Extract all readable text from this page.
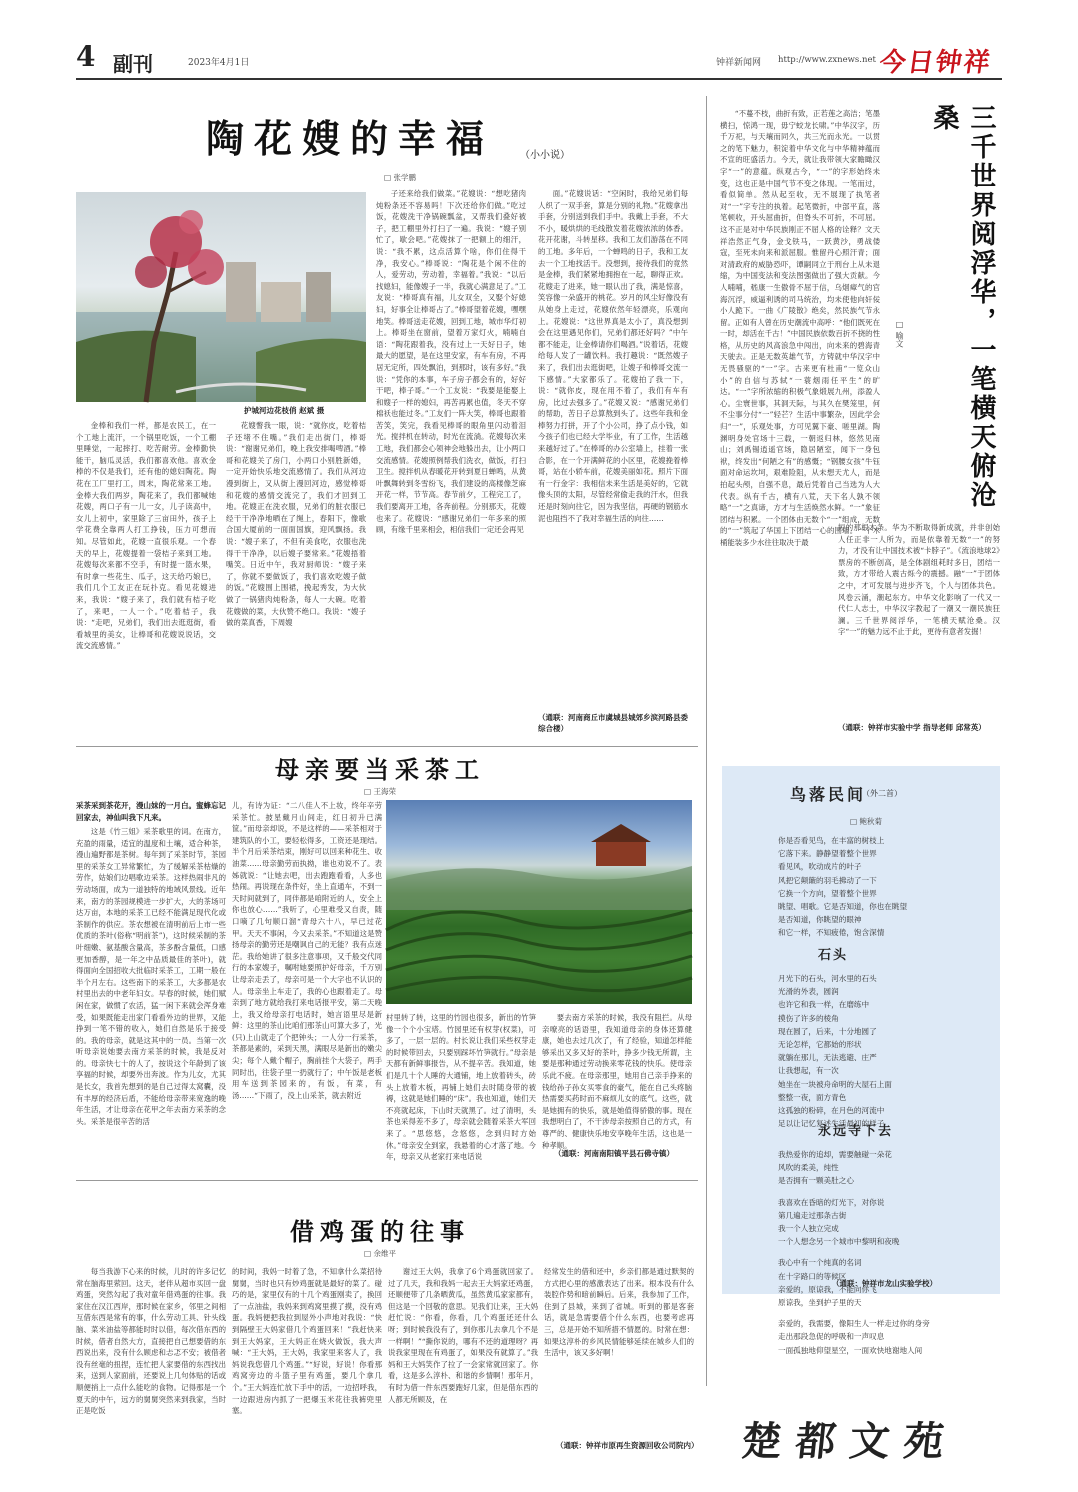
4 副刊	2023年4月1日	钟祥新闻网 http://www.zxnews.net 今日钟祥
陶花嫂的幸福	（小小说）
□ 张学鹏
护城河边花枝俏 赵斌 摄
金棒和我们一样，都是农民工，在一个工地上流汗，一个锅里吃饭，一个工棚里睡觉，一起摔打、吃苦耐劳。金棒勤快能干，脑瓜灵活，我们都喜欢他。喜欢金棒的不仅是我们，还有他的媳妇陶花。陶花在工厂里打工，周末，陶花常来工地。金棒大我们两岁，陶花来了，我们都喊她花嫂，两口子有一儿一女，儿子读高中，女儿上初中，家里除了三亩田外，孩子上学花费全靠两人打工挣钱，压力可想而知。尽管如此，花嫂一直很乐观。一个春天的早上，花嫂提着一袋桔子来到工地。花嫂每次来都不空手，有时提一篮水果，有时拿一些花生、瓜子，这天给巧娘巳，我们几个工友正在玩扑克。看见花嫂进来，我说：“嫂子来了，我们就有桔子吃了，来吧，一人一个。”吃着桔子，我说：“走吧，兄弟们，我们出去逛逛街，看看城里的美女，让棒哥和花嫂说说话，交流交流感情。”
花嫂瞥我一眼，说：“就你皮，吃着桔子还堵不住嘴。”我们走出街门，棒哥说：“谢谢兄弟们，晚上我安排喝啤酒。”棒哥和花嫂关了房门，小两口小别胜新婚，一定开始快乐地交流感情了。我们从河边漫到街上，又从街上漫回河边，感觉棒哥和花嫂的感情交流完了，我们才回到工地。花嫂正在洗衣服，兄弟们的脏衣服已经干干净净地晒在了绳上，春阳下，像歌合国大厦前的一面面国旗，迎风飘扬。我说：“嫂子来了，不但有美食吃，衣服也洗得干干净净，以后嫂子要常来。”花嫂捂着嘴笑。日近中午，我对厨师说：“嫂子来了，你就不要做饭了，我们喜欢吃嫂子做的饭。”花嫂围上围裙，挽起秀发，为大伙做了一锅猪肉炖粉条，每人一大碗。吃着花嫂做的菜，大伙赞不绝口。我说：“嫂子做的菜真香，下周嫂
子还来给我们做菜。”花嫂说：“想吃猪肉炖粉条还不容易吗！下次还给你们做。”吃过饭，花嫂洗干净锅碗瓢盆，又帮我们叠好被子，把工棚里外打扫了一遍。我说：“嫂子别忙了，歇会吧。”花嫂抹了一把额上的细汗，说：“我不累，这点活算个啥，你们住得干净，我安心。”棒哥说：“陶花是个闲不住的人，爱劳动，劳动着，幸福着。”我说：“以后找媳妇，能像嫂子一半，我就心满意足了。”工友说：“棒哥真有福，儿女双全，又娶个好媳妇，好事全让棒哥占了。”棒哥望着花嫂，嘿嘿地笑。棒哥送走花嫂，回到工地，城市华灯初上。棒哥坐在窗前，望着万家灯火，喃喃自语：“陶花跟着我，没有过上一天好日子，她最大的愿望，是在这里安家，有车有房，不再居无定所，四处飘泊，到那时，该有多好。”我说：“凭你的本事，车子房子都会有的，好好干吧，棒子哥。”一个工友说：“我要是能娶上和嫂子一样的媳妇，再苦再累也值，冬天不穿棉袄也能过冬。”工友们一阵大笑，棒哥也跟着苦笑，笑完，我看见棒哥的眼角里闪动着泪光。搅拌机在转动，时光在流淌。花嫂每次来工地，我们都会心领神会地躲出去，让小两口交流感情。花嫂照例帮我们洗衣，做饭，打扫卫生。搅拌机从春暖花开转到夏日蝉鸣，从黄叶飘舞转到冬雪纷飞，我们建设的高楼像芝麻开花一样，节节高。春节前夕，工程完工了，我们要离开工地，各奔前程。分别那天，花嫂也来了。花嫂说：“感谢兄弟们一年多来的照顾，有缘千里来相会，相信我们一定还会再见
面。”花嫂说话：“空闲时，我给兄弟们每人织了一双手套，算是分别的礼物。”花嫂拿出手套，分别送到我们手中。我戴上手套，不大不小，暖烘烘的毛线散发着花嫂浓浓的体香。花开花谢，斗转星移。我和工友们游荡在不同的工地。多年后，一个蝉鸣的日子，我和工友去一个工地找活干。没想到，接待我们的竟然是金棒，我们紧紧地拥抱在一起，聊得正欢。花嫂走了进来，她一眼认出了我，满是惊喜，笑容像一朵盛开的桃花。岁月的风尘好像没有从她身上走过，花嫂依然年轻漂亮，乐观向上。花嫂说：“这世界真是太小了，真没想到会在这里遇见你们，兄弟们都还好吗？”中午都不能走，让金棒请你们喝酒。”说着话，花嫂给每人发了一罐饮料。我打趣说：“既然嫂子来了，我们出去逛街吧，让嫂子和棒哥交流一下感情。”大家都乐了。花嫂拍了我一下，说：“就你皮，现在用不着了，我们有车有房，比过去强多了。”花嫂又说：“感谢兄弟们的帮助，苦日子总算熬到头了。这些年我和金棒努力打拼，开了个小公司，挣了点小钱，如今孩子们也已经大学毕业，有了工作，生活越来越好过了。”在棒哥的办公室墙上，挂着一张合影，在一个开满鲜花的小区里，花嫂挽着棒哥，站在小轿车前，花嫂美丽如花。照片下面有一行金字：我相信未来生活是美好的，它就像头顶的太阳，尽管经常偷走我的汗水，但我还是时刻向往它，因为我坚信，再硬的钢筋水泥也阻挡不了我对幸福生活的向往……
（通联：河南商丘市虞城县城郊乡滨河路县委综合楼）
三千世界阅浮华，一笔横天俯沧桑
□ 喻文
“不蔓不枝，曲折有致，正若莲之高洁；笔墨横扫，惊鸿一现，毋宁蛟龙长啸。”中华汉字，历千万祀，与天壤而同久，共三光而永光。一以贯之的笔下魅力，积淀着中华文化与中华精神蕴而不宣的旺盛活力。今天，就让我带领大家瞻瞰汉字“一”的意蕴。纵观古今，“一”的字形始终未变，这也正是中国气节不变之体现。一笔而过，看似简单。然从起至收，无不展现了执笔者对“一”字专注的执着。起笔微折，中部平直，落笔顿收，开头屈曲折，但脊头不可折，不可屈。这不正是对中华民族刚正不屈人格的诠释？文天祥浩然正气身，金戈铁马，一跃黄沙，勇战偻寇，至死未向来和派屈服。惟留丹心照汗青；面对清政府的威胁恐吓，谭嗣同立于刑台上从未退缩，为中国变法和变法图强做出了强大贡献。今人哺哺，嵇康一生傲骨不屈于信，乌烟瘴气的官海沉浮，威逼利诱的司马统治，均未使他向奸佞小人跪下。一曲《广陵散》绝矣，然民族气节永留。正如有人曾在历史潮流中高呼：“他们既死在一时，却活在千古！”中国民族依数百折不挠的性格，从历史的风高浪急中闯出，向未来的碧海青天驶去。正是无数英雄气节，方铸就中华汉字中无畏骚驱的“一”字。古来更有杜甫“一览众山小”的自信与苏轼“一蓑烟雨任平生”的旷达。“一”字所浓缩的积极气象煅展九州，添盈人心。尘寰世事，其洞天际，与其久在樊笼里，何不尘事分付“一”轻芒？生活中事繁杂，因此学会归“一”，乐观处事，方可见翼下豪、嗟里湖。陶渊明身处官场十三载，一朝返归林，悠然见南山；刘禹锡逍遥官场，隐居陋室，闻下一身包袱，终发出“何陋之有”的感慨；“钢腰女孩”牛钰面对命运坎坷，艰难险阻，从未想天尤人，而是拍起头颅，自强不息，最后凭着自己当选为人大代表。纵有千古，横有八荒，天下名人孰不领略“一”之真谛，方才与生活焕然水鲜。“一”象征团结与积累。一个团体由无数个“一”组成，无数的“一”筑起了华国上下团结一心的围墙。一个木桶能装多少水往往取决于最
短的那根木条。华为不断取得新成就，并非创始人任正非一人所为，而是依靠着无数“一”的努力，才没有让中国技术被“卡脖子”。《流浪地球2》票房的不断创高，是全体剧组耗时多日，团结一致，方才带给人震古烁今的震撼。融“一”于团体之中，才可发展与进步齐飞，个人与团体共色。风卷云涌，潮起东方。中华文化影响了一代又一代仁人志士，中华汉字教起了一潮又一潮民族狂澜。三千世界阅浮华，一笔横天赋沧桑。汉字“一”的魅力远不止于此，更待有意者发掘！
（通联：钟祥市实验中学 指导老师 邱常英）
母亲要当采茶工
□ 王海荣
采茶采到茶花开，漫山妹的一月白。蜜蜂忘记回家去，神仙叫我下凡来。
这是《竹三姐》采茶歌里的词。在南方，充盈的雨量，适宜的温度和土壤，适合种茶，漫山遍野都是茶树。每年到了采茶时节，茶园里的采茶女工异常繁忙，为了缓解采茶枯燥的劳作，姑娘们边唱歌边采茶。这样热闹非凡的劳动场面，成为一道独特的地域风景线。近年来，南方的茶园规模进一步扩大，大的茶场可达万亩，本地的采茶工已经不能满足现代化或茶制作的供应。茶农想被在清明前后上市一些优质的茶叶(俗称“明前茶”)，这时候采制的茶叶细嫩、氨基酸含量高，茶多酚含量低，口感更加香醇，是一年之中品质最佳的茶叶)，就得面向全国招收大批临时采茶工，工期一般在半个月左右。这些南下的采茶工，大多都是农村里出去的中老年妇女。早春的时候，她们赋闲在家，做惯了农活，猛一闲下来就会浑身难受，如果既能走出家门看看外边的世界，又能挣到一笔不错的收入，她们自然是乐于接受的。我的母亲，就是这其中的一员。当第一次听母亲说她要去南方采茶的时候，我是反对的。母亲快七十的人了，按说这个年龄到了该享福的时候，却要外出奔波。作为儿女，尤其是长女，我首先想到的是自己过得太窝囊，没有丰厚的经济后盾，不能给母亲带来宽逸的晚年生活，才让母亲在花甲之年去南方采茶的念头。采茶是很辛苦的活
儿，有诗为证：“二八佳人不上妆，终年辛劳采茶忙。披星戴月山间走，红日初升已满筐。”而母亲却说，不是这样的——采茶相对于建筑队的小工，要轻松得多，工资还是现结。半个月后采茶结束，刚好可以回来种花生、收油菜……母亲勤劳而执拗，谁也劝说不了。表姊就说：“让她去吧，出去跑跑看看，人多也热闹。再说现在条件好，坐上直通车，不到一天时间就到了，同伴都是咱附近的人，安全上你也放心……”我听了，心里难受又自责，随口嘀了几句顺口溜“青母六十八，早已过花甲。天天不事闲，今又去采茶。”不知道这是赞扬母亲的勤劳还是嘲讽自己的无能？我有点迷茫。我给她讲了很多注意事项，又千般交代同行的本家嫂子，嘱咐她要照护好母亲，千万别让母亲走丢了，母亲可是一个大字也不认识的人。母亲坐上车走了，我的心也跟着走了。母亲到了地方就给我打来电话报平安，第二天晚上，我又给母亲打电话时，她言语里尽是新鲜：这里的茶山比咱们那茶山可算大多了，光(只)上山就走了个把钟头；一人分一行采茶，茶都是素的，采到天黑，满眼尽是新出的嫩尖尖；每个人戴个帽子，胸前挂个大袋子，两手同时出，往袋子里一扔就行了；中午饭是老板用车送到茶园来的，有饭，有菜，有汤……“下雨了，没上山采茶，就去附近
村里转了转，这里的竹园也很多，新出的竹笋像一个个小宝塔。竹园里还有权芽(权菜)，可多了，一层一层的。村长说让我们采些权芽走的时候带回去，只要别踩坏竹笋就行。”母亲是天都有新鲜事报告，从不提辛苦。我知道，她们是几十个人睡的大通铺，地上放着砖头，砖头上放着木板，再铺上她们去时随身带的被褥，这就是她们睡的“床”。我也知道，她们天不亮就起床，下山时天就黑了。过了清明，头茶也采得差不多了，母亲就会随着采茶大军回来了。“思悠悠，念悠悠，念到归时方始休。”母亲安全到家，我悬着的心才落了地。今年，母亲又从老家打来电话说
要去南方采茶的时候，我没有阻拦。从母亲嘹亮的话语里，我知道母亲的身体还算健康，她也去过几次了，有了经验，知道怎样能够采出又多又好的茶叶，挣多少钱无所谓，主要是那种通过劳动换来零花钱的快乐。使母亲乐此不疲。在母亲那里，她用自己亲手挣来的钱给孙子孙女买零食的豪气，能在自己头疼脑热需要买药时而不麻烦儿女的底气。这些，就是她拥有的快乐，就是她值得骄傲的事。现在我想明白了，不干涉母亲按照自己的方式，有尊严的、健康快乐地安享晚年生活，这也是一种孝顺。
（通联：河南南阳镇平县石佛寺镇）
借鸡蛋的往事
□ 余维平
每当我游下心来的时候，儿时的许多记忆常在脑海里萦回。这天，老伴从超市买回一盘鸡蛋，突然勾起了我对童年借鸡蛋的往事。我家住在汉江西岸，那时候在家乡，邻里之间相互借东西是常有的事，什么劳动工具、针头线脑、菜米油盐等都能时时以借，每次借东西的时候，借者自然大方，直接把自己想要借的东西说出来，没有什么顾虑和忐忑不安；被借者没有丝毫的扭捏，连忙把人家要借的东西找出来，送到人家面前，还要说上几句体贴的话或顺便捎上一点什么能吃的食物。记得那是一个夏天的中午，远方的舅舅突然来到我家，当时正是吃饭
的时间，我妈一时着了急，不知拿什么菜招待舅舅，当时也只有炒鸡蛋就是最好的菜了。碰巧的是，家里仅有的十几个鸡蛋刚卖了，换回了一点油盐，我妈来到鸡窝里摸了摸，没有鸡蛋。我妈便把我拉到屋外小声地对我说：“快到隔壁王大妈家借几个鸡蛋回来！”我赶快来到王大妈家，王大妈正在烧火做饭，我大声喊：“王大妈，王大妈，我家里来客人了，我妈说我您借几个鸡蛋。”“好说，好说！你看那鸡窝旁边的斗篮子里有鸡蛋，要几个拿几个。”王大妈连忙放下手中的活，一边招呼我，一边跟进房内抓了一把爆玉米花往我裤兜里塞。
谢过王大妈，我拿了6个鸡蛋就回家了。过了几天，我和我妈一起去王大妈家还鸡蛋，还顺便带了几条晒黄瓜，虽然黄瓜家家都有，但这是一个回敬的意思。见我们让来，王大妈赶忙说：“你看，你看，几个鸡蛋还还什么呀；到时候我没有了，到你那儿去拿几个不是一样啊！”“撕你说的，哪有不还的道理呀？再说我家里现在有鸡蛋了，如果没有就算了。”我妈和王大妈笑作了拉了一会家常就回家了。你看，这是多么淳朴、和谐的乡情啊！那年月，有时为借一件东西要跑好几家，但是借东西的人都无所顾及，在
经常发生的借和还中，乡亲们都是通过默契的方式把心里的感激表达了出来。根本没有什么装腔作势和暗前瞬后。后来，我参加了工作，住到了县城，来到了省城。听到的都是客套话，就是急需要借个什么东西，也要考虑再三，总是开始不知所措不情愿的。时常在想：如果这淳朴的乡风民情能够延续在城乡人们的生活中，该又多好啊！
（通联：钟祥市原再生资源回收公司院内）
鸟落民间
（外二首）
□ 鲍秋菊
你是否看见鸟，在丰富的树枝上
它落下来。静静望着整个世界
看见风，吹动成片的叶子
风把它颠簸的羽毛拂动了一下
它换一个方向，望着整个世界
眺望、唱歌。它是否知道，你也在眺望
是否知道，你眺望的眼神
和它一样，不知疲倦，饱含深情
石头
月光下的石头，河水里的石头
光滑的外表，圆润
也许它和我一样，在磨练中
摸伤了许多的棱角
现在圆了，后来，十分地圆了
无论怎样，它都始的形状
就躺在那儿，无法逃避、庄严
让我想起，有一次
她坐在一块被舟命明的大屋石上面
整整一夜，面方青色
这孤独的粉碎，在月色的河流中
足以让记忆复述生活最初的样子
永远寺下去
我热爱你的追却，需要触碰一朵花
风吹的柔美，纯性
是否拥有一颗美肚之心
我喜欢在昏暗的灯光下，对你说
第几遍走过那条古街
我一个人独立完成
一个人想念另一个城市中黎明和夜晚
我心中有一个纯真的名词
在十字路口的等候区
亲爱的，原谅我，不能向你飞
原谅我，坐到护子里的天
亲爱的，我需要，像阳生人一样走过你的身旁
走出那段急促的呼吸和一声叹息
一面孤独地仰望星空，一面欢快地谢地人间
（通联：钟祥市龙山实验学校）
楚都文苑
